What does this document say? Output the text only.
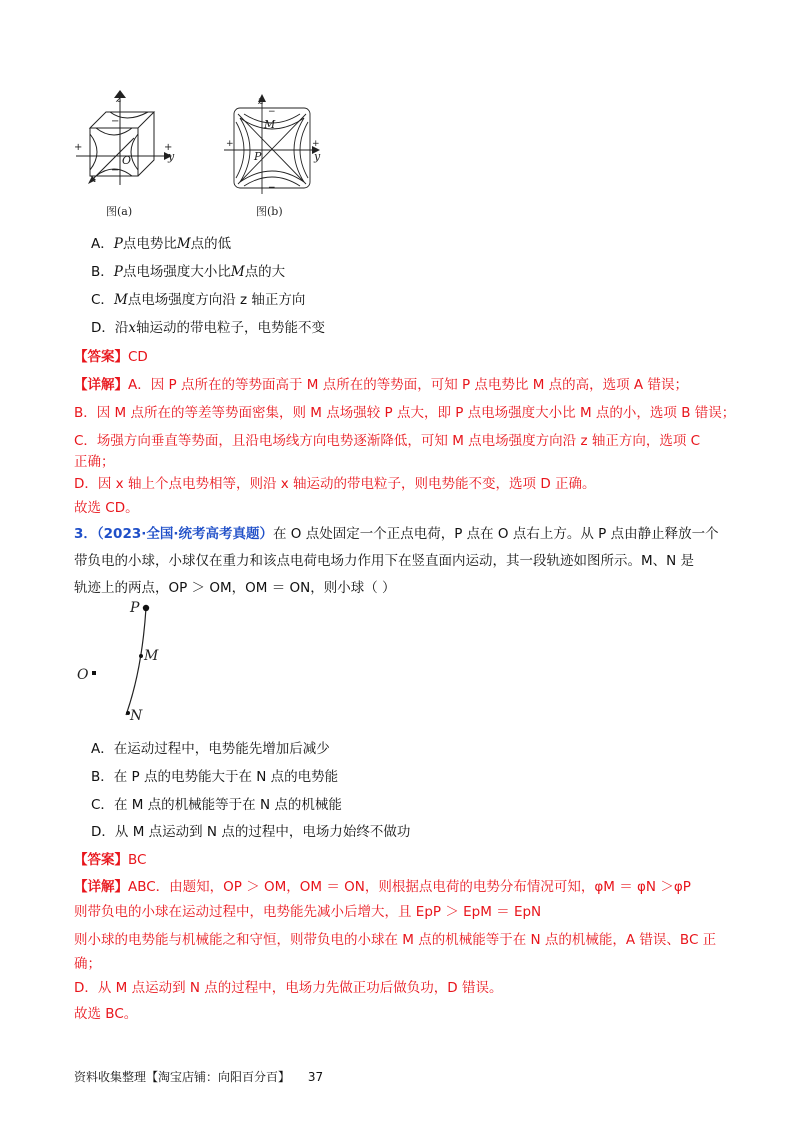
+	+
−
−
z
O
x
y
图(a)
+	+
−
−
z
M
P	y
图(b)
A．P点电势比M点的低
B．P点电场强度大小比M点的大
C．M点电场强度方向沿 z 轴正方向
D．沿x轴运动的带电粒子，电势能不变
【答案】CD
【详解】A．因 P 点所在的等势面高于 M 点所在的等势面，可知 P 点电势比 M 点的高，选项 A 错误；
B．因 M 点所在的等差等势面密集，则 M 点场强较 P 点大，即 P 点电场强度大小比 M 点的小，选项 B 错误；
C．场强方向垂直等势面，且沿电场线方向电势逐渐降低，可知 M 点电场强度方向沿 z 轴正方向，选项 C
正确；
D．因 x 轴上个点电势相等，则沿 x 轴运动的带电粒子，则电势能不变，选项 D 正确。
故选 CD。
3．（2023·全国·统考高考真题）在 O 点处固定一个正点电荷，P 点在 O 点右上方。从 P 点由静止释放一个
带负电的小球，小球仅在重力和该点电荷电场力作用下在竖直面内运动，其一段轨迹如图所示。M、N 是
轨迹上的两点，OP ＞ OM，OM ＝ ON，则小球（ ）
P
M
N
O
A．在运动过程中，电势能先增加后减少
B．在 P 点的电势能大于在 N 点的电势能
C．在 M 点的机械能等于在 N 点的机械能
D．从 M 点运动到 N 点的过程中，电场力始终不做功
【答案】BC
【详解】ABC．由题知，OP ＞ OM，OM ＝ ON，则根据点电荷的电势分布情况可知，φM ＝ φN ＞φP
则带负电的小球在运动过程中，电势能先减小后增大，且 EpP ＞ EpM ＝ EpN
则小球的电势能与机械能之和守恒，则带负电的小球在 M 点的机械能等于在 N 点的机械能，A 错误、BC 正
确；
D．从 M 点运动到 N 点的过程中，电场力先做正功后做负功，D 错误。
故选 BC。
资料收集整理【淘宝店铺：向阳百分百】 37
